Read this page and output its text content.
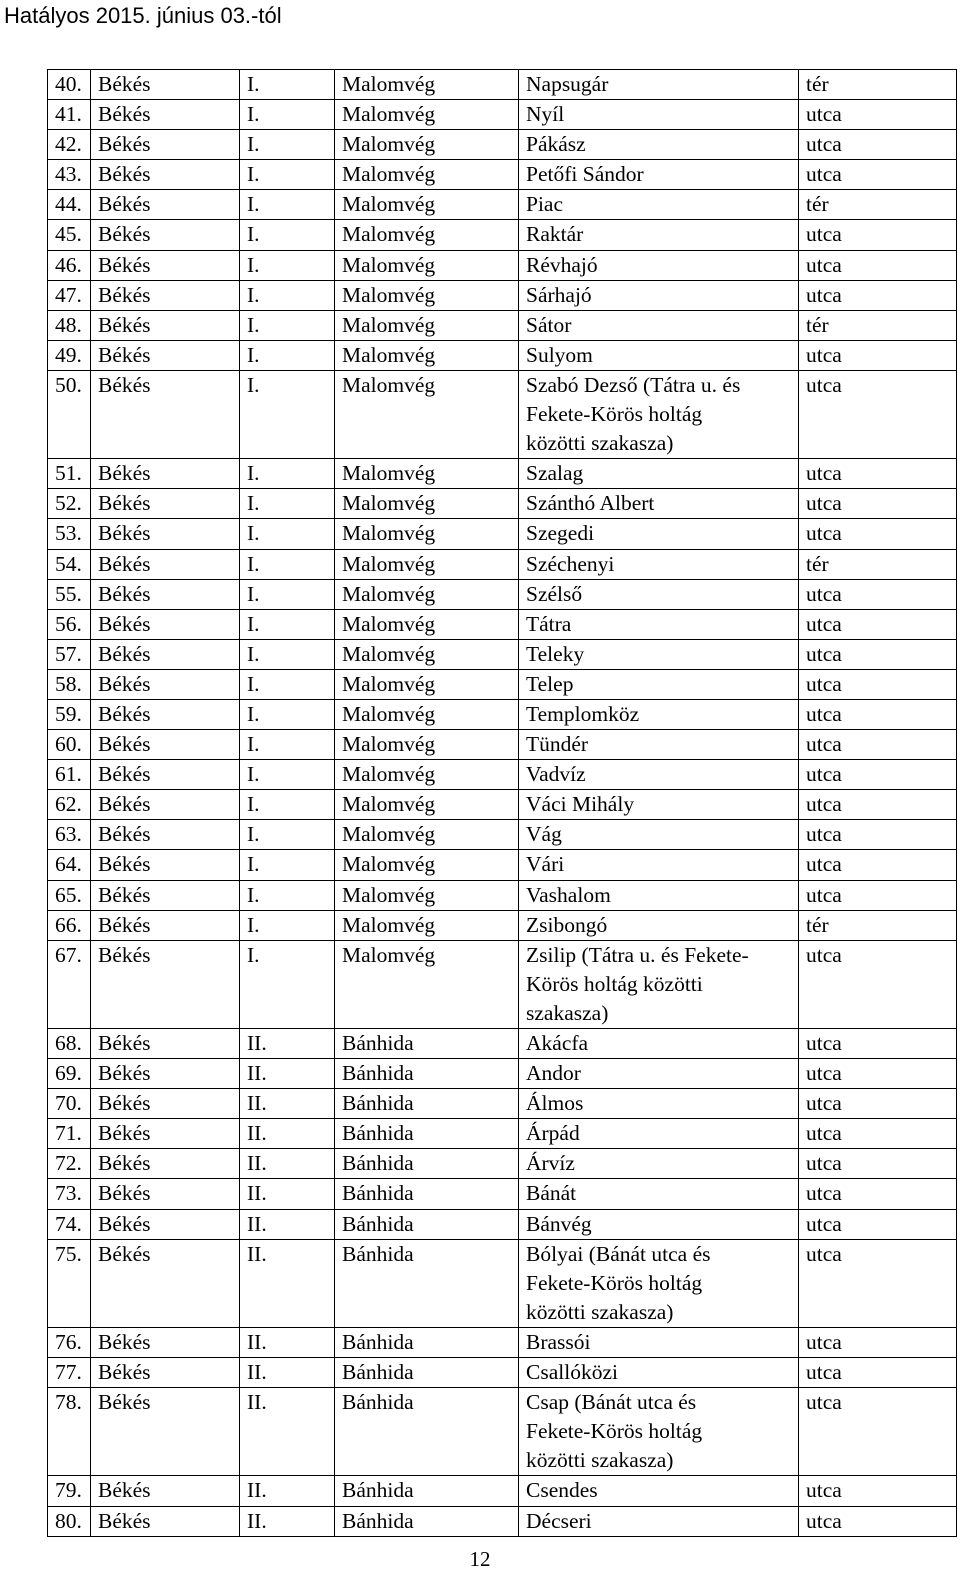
Hatályos 2015. június 03.-tól
40.	Békés	I.	Malomvég	Napsugár	tér
41.	Békés	I.	Malomvég	Nyíl	utca
42.	Békés	I.	Malomvég	Pákász	utca
43.	Békés	I.	Malomvég	Petőfi Sándor	utca
44.	Békés	I.	Malomvég	Piac	tér
45.	Békés	I.	Malomvég	Raktár	utca
46.	Békés	I.	Malomvég	Révhajó	utca
47.	Békés	I.	Malomvég	Sárhajó	utca
48.	Békés	I.	Malomvég	Sátor	tér
49.	Békés	I.	Malomvég	Sulyom	utca
50.	Békés	I.	Malomvég	Szabó Dezső (Tátra u. és
Fekete-Körös holtág
közötti szakasza)	utca
51.	Békés	I.	Malomvég	Szalag	utca
52.	Békés	I.	Malomvég	Szánthó Albert	utca
53.	Békés	I.	Malomvég	Szegedi	utca
54.	Békés	I.	Malomvég	Széchenyi	tér
55.	Békés	I.	Malomvég	Szélső	utca
56.	Békés	I.	Malomvég	Tátra	utca
57.	Békés	I.	Malomvég	Teleky	utca
58.	Békés	I.	Malomvég	Telep	utca
59.	Békés	I.	Malomvég	Templomköz	utca
60.	Békés	I.	Malomvég	Tündér	utca
61.	Békés	I.	Malomvég	Vadvíz	utca
62.	Békés	I.	Malomvég	Váci Mihály	utca
63.	Békés	I.	Malomvég	Vág	utca
64.	Békés	I.	Malomvég	Vári	utca
65.	Békés	I.	Malomvég	Vashalom	utca
66.	Békés	I.	Malomvég	Zsibongó	tér
67.	Békés	I.	Malomvég	Zsilip (Tátra u. és Fekete-
Körös holtág közötti
szakasza)	utca
68.	Békés	II.	Bánhida	Akácfa	utca
69.	Békés	II.	Bánhida	Andor	utca
70.	Békés	II.	Bánhida	Álmos	utca
71.	Békés	II.	Bánhida	Árpád	utca
72.	Békés	II.	Bánhida	Árvíz	utca
73.	Békés	II.	Bánhida	Bánát	utca
74.	Békés	II.	Bánhida	Bánvég	utca
75.	Békés	II.	Bánhida	Bólyai (Bánát utca és
Fekete-Körös holtág
közötti szakasza)	utca
76.	Békés	II.	Bánhida	Brassói	utca
77.	Békés	II.	Bánhida	Csallóközi	utca
78.	Békés	II.	Bánhida	Csap (Bánát utca és
Fekete-Körös holtág
közötti szakasza)	utca
79.	Békés	II.	Bánhida	Csendes	utca
80.	Békés	II.	Bánhida	Décseri	utca
12
